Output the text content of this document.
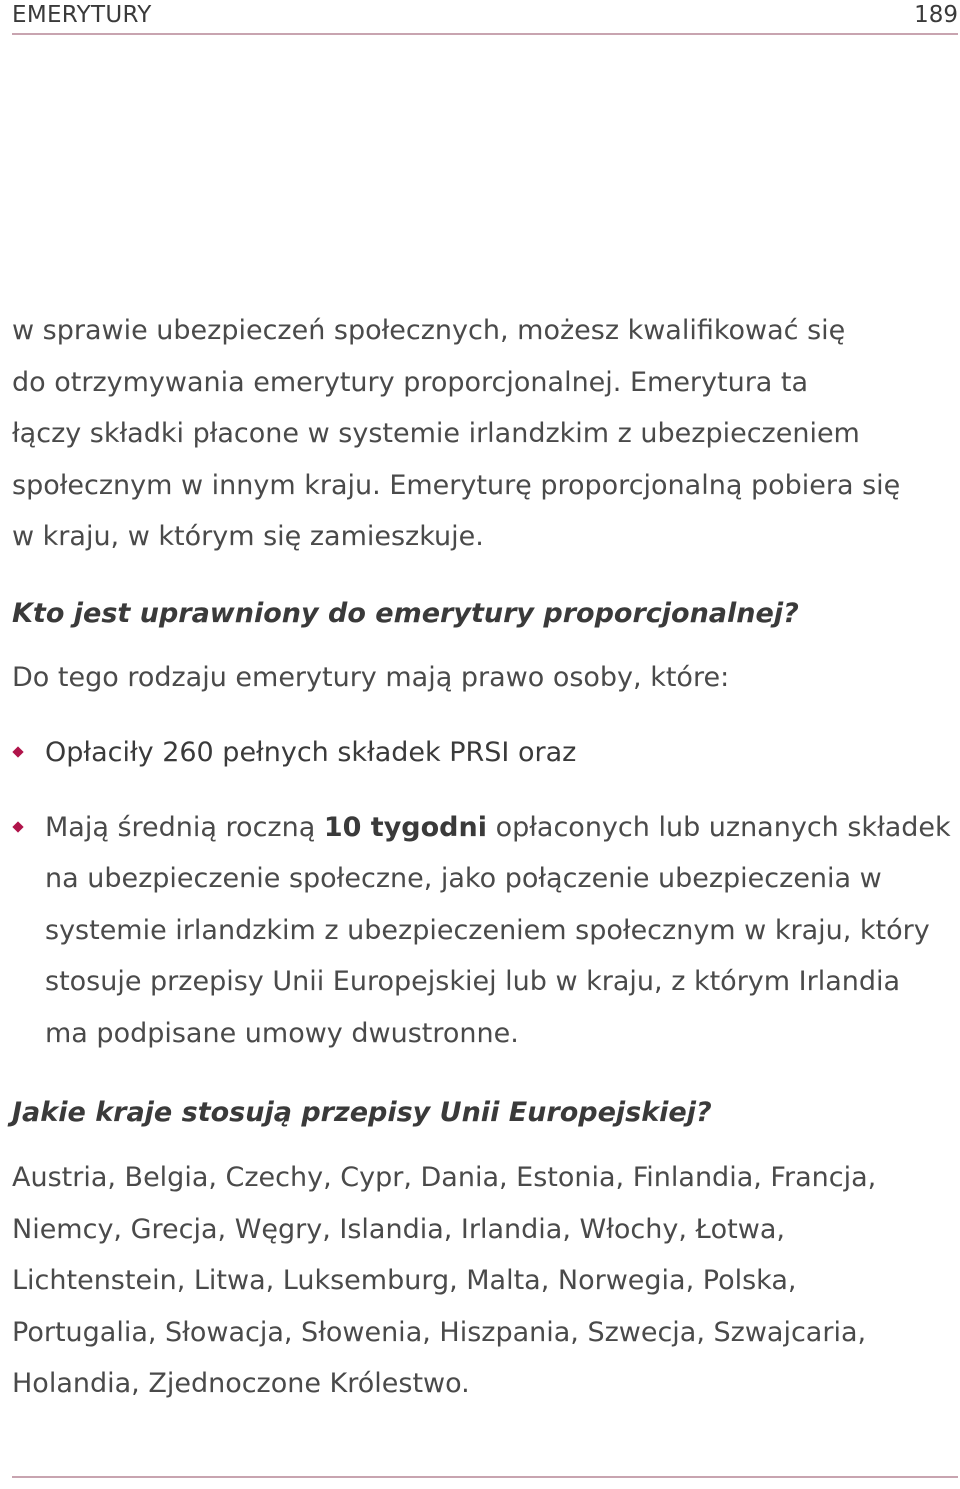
EMERYTURY	189
w sprawie ubezpieczeń społecznych, możesz kwalifikować się
do otrzymywania emerytury proporcjonalnej. Emerytura ta
łączy składki płacone w systemie irlandzkim z ubezpieczeniem
społecznym w innym kraju. Emeryturę proporcjonalną pobiera się
w kraju, w którym się zamieszkuje.
Kto jest uprawniony do emerytury proporcjonalnej?
Do tego rodzaju emerytury mają prawo osoby, które:
Opłaciły 260 pełnych składek PRSI oraz
Mają średnią roczną 10 tygodni opłaconych lub uznanych składek
na ubezpieczenie społeczne, jako połączenie ubezpieczenia w
systemie irlandzkim z ubezpieczeniem społecznym w kraju, który
stosuje przepisy Unii Europejskiej lub w kraju, z którym Irlandia
ma podpisane umowy dwustronne.
Jakie kraje stosują przepisy Unii Europejskiej?
Austria, Belgia, Czechy, Cypr, Dania, Estonia, Finlandia, Francja,
Niemcy, Grecja, Węgry, Islandia, Irlandia, Włochy, Łotwa,
Lichtenstein, Litwa, Luksemburg, Malta, Norwegia, Polska,
Portugalia, Słowacja, Słowenia, Hiszpania, Szwecja, Szwajcaria,
Holandia, Zjednoczone Królestwo.
